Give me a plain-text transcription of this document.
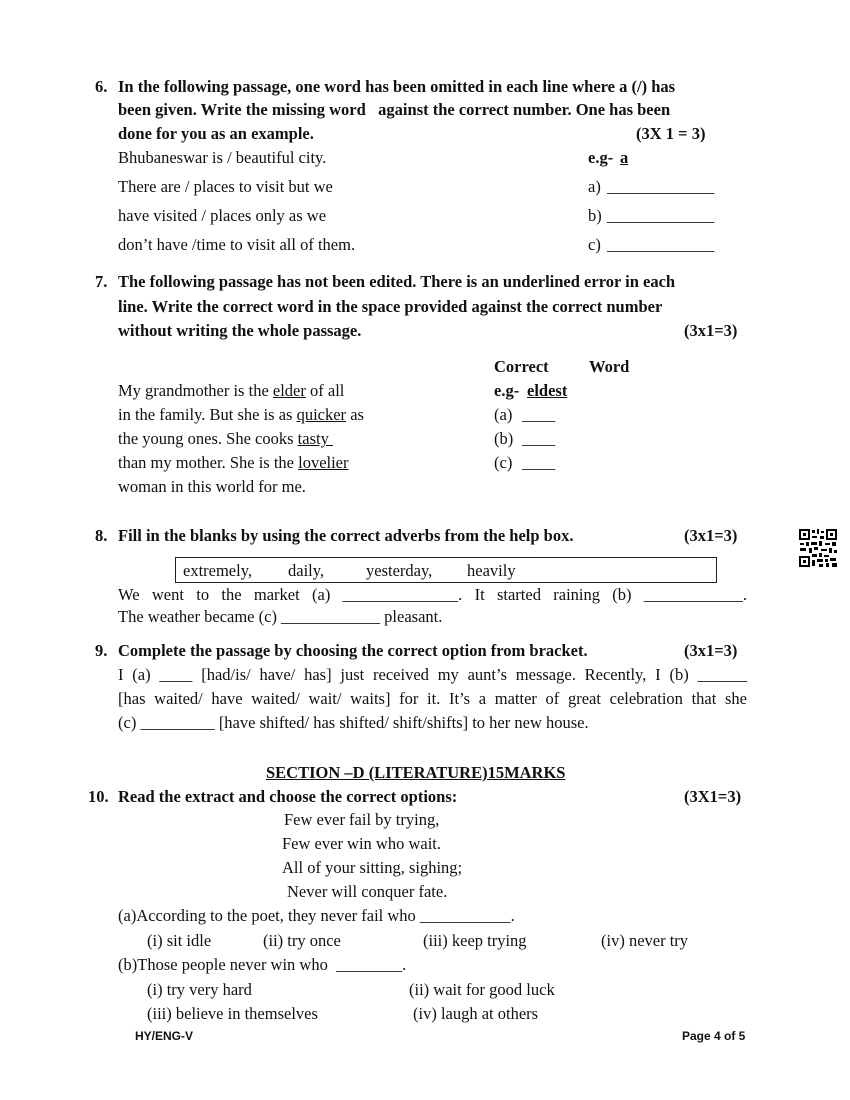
6. In the following passage, one word has been omitted in each line where a (/) has
been given. Write the missing word   against the correct number. One has been
done for you as an example.	(3X 1 = 3)
Bhubaneswar is / beautiful city.	e.g- a
There are / places to visit but we	a) _____________
have visited / places only as we	b) _____________
don’t have /time to visit all of them.	c) _____________
7. The following passage has not been edited. There is an underlined error in each
line. Write the correct word in the space provided against the correct number
without writing the whole passage.	(3x1=3)
Correct Word
My grandmother is the elder of all	e.g- eldest
in the family. But she is as quicker as	(a) ____
the young ones. She cooks tasty	(b) ____
than my mother. She is the lovelier	(c) ____
woman in this world for me.
8. Fill in the blanks by using the correct adverbs from the help box.	(3x1=3)
extremely, daily,	yesterday, heavily
We went to the market (a) ______________. It started raining (b) ____________.
The weather became (c) ____________ pleasant.
9. Complete the passage by choosing the correct option from bracket.	(3x1=3)
I (a) ____ [had/is/ have/ has] just received my aunt’s message. Recently, I (b) ______
[has waited/ have waited/ wait/ waits] for it. It’s a matter of great celebration that she
(c) _________ [have shifted/ has shifted/ shift/shifts] to her new house.
SECTION –D (LITERATURE)15MARKS
10. Read the extract and choose the correct options:	(3X1=3)
Few ever fail by trying,
Few ever win who wait.
All of your sitting, sighing;
Never will conquer fate.
(a)According to the poet, they never fail who ___________.
(i) sit idle	(ii) try once	(iii) keep trying	(iv) never try
(b)Those people never win who  ________.
(i) try very hard	(ii) wait for good luck
(iii) believe in themselves	(iv) laugh at others
HY/ENG-V	Page 4 of 5
